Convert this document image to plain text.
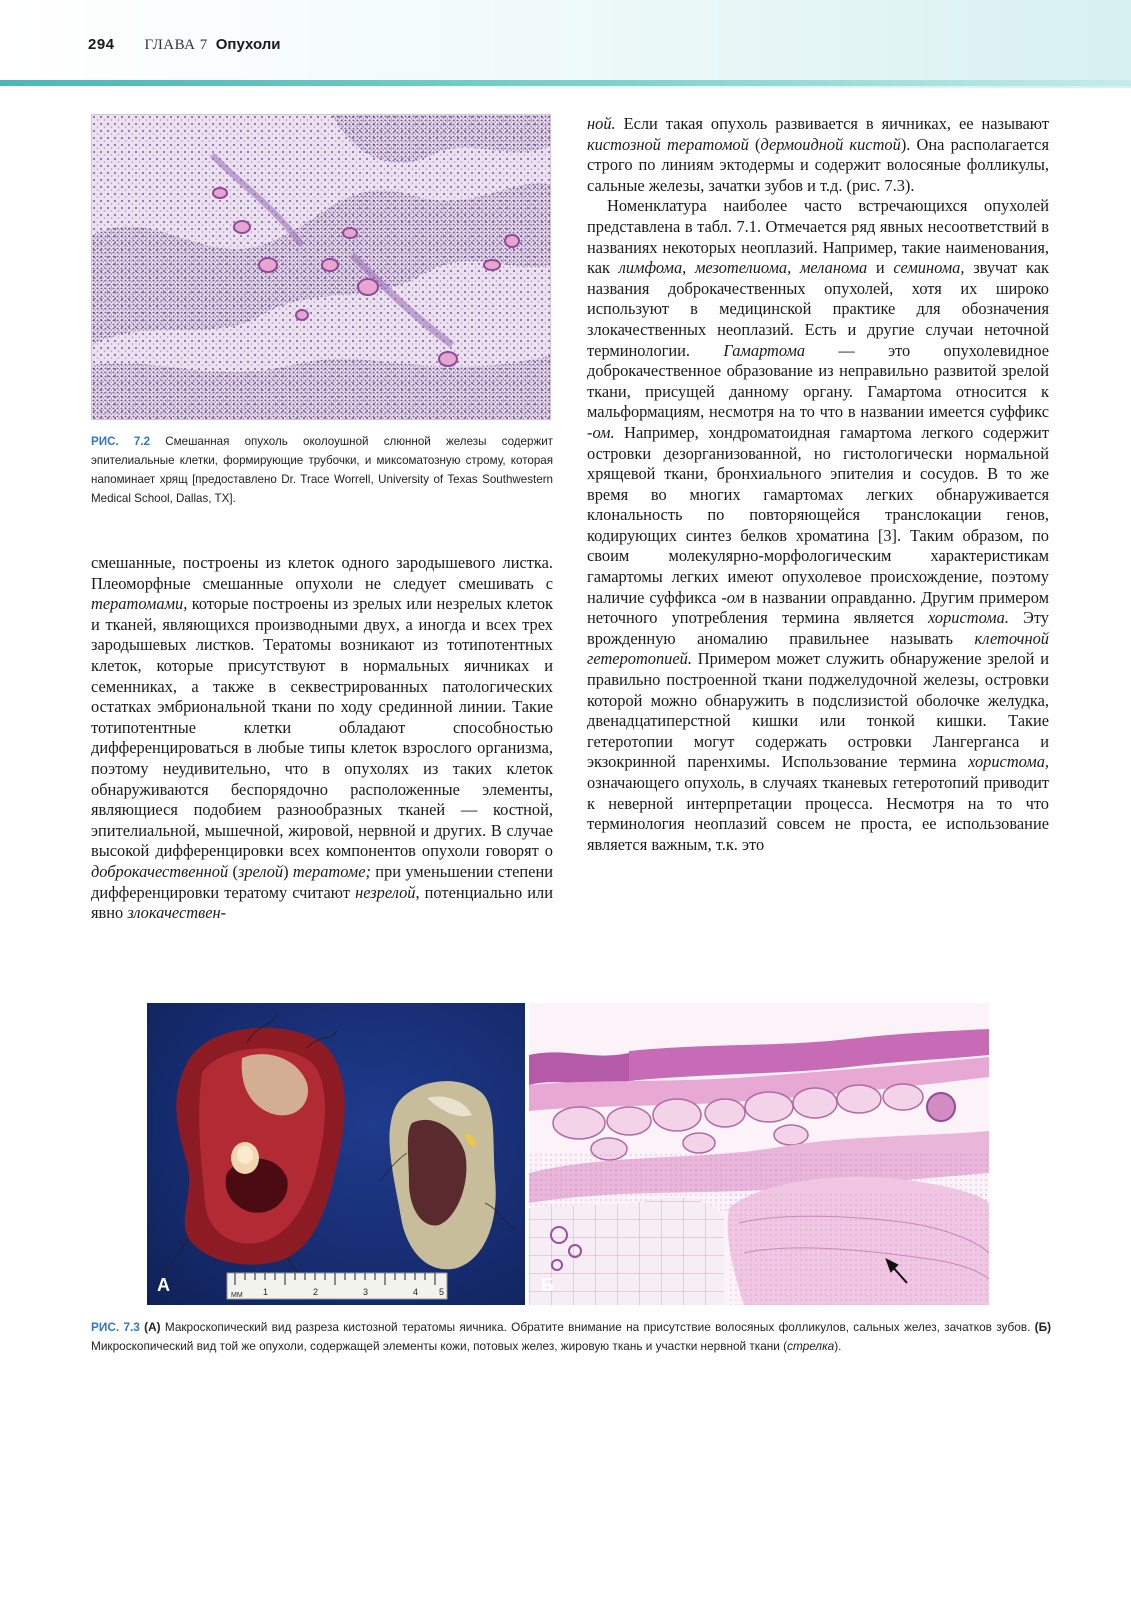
294 ГЛАВА 7 Опухоли
РИС. 7.2 Смешанная опухоль околоушной слюнной железы содержит эпителиальные клетки, формирующие трубочки, и миксоматозную строму, которая напоминает хрящ [предоставлено Dr. Trace Worrell, University of Texas Southwestern Medical School, Dallas, TX].

смешанные, построены из клеток одного зародышевого листка. Плеоморфные смешанные опухоли не следует смешивать с тератомами, которые построены из зрелых или незрелых клеток и тканей, являющихся производными двух, а иногда и всех трех зародышевых листков. Тератомы возникают из тотипотентных клеток, которые присутствуют в нормальных яичниках и семенниках, а также в секвестрированных патологических остатках эмбриональной ткани по ходу срединной линии. Такие тотипотентные клетки обладают способностью дифференцироваться в любые типы клеток взрослого организма, поэтому неудивительно, что в опухолях из таких клеток обнаруживаются беспорядочно расположенные элементы, являющиеся подобием разнообразных тканей — костной, эпителиальной, мышечной, жировой, нервной и других. В случае высокой дифференцировки всех компонентов опухоли говорят о доброкачественной (зрелой) тератоме; при уменьшении степени дифференцировки тератому считают незрелой, потенциально или явно злокачествен-

ной. Если такая опухоль развивается в яичниках, ее называют кистозной тератомой (дермоидной кистой). Она располагается строго по линиям эктодермы и содержит волосяные фолликулы, сальные железы, зачатки зубов и т.д. (рис. 7.3).

Номенклатура наиболее часто встречающихся опухолей представлена в табл. 7.1. Отмечается ряд явных несоответствий в названиях некоторых неоплазий. Например, такие наименования, как лимфома, мезотелиома, меланома и семинома, звучат как названия доброкачественных опухолей, хотя их широко используют в медицинской практике для обозначения злокачественных неоплазий. Есть и другие случаи неточной терминологии. Гамартома — это опухолевидное доброкачественное образование из неправильно развитой зрелой ткани, присущей данному органу. Гамартома относится к мальформациям, несмотря на то что в названии имеется суффикс -ом. Например, хондроматоидная гамартома легкого содержит островки дезорганизованной, но гистологически нормальной хрящевой ткани, бронхиального эпителия и сосудов. В то же время во многих гамартомах легких обнаруживается клональность по повторяющейся транслокации генов, кодирующих синтез белков хроматина [3]. Таким образом, по своим молекулярно-морфологическим характеристикам гамартомы легких имеют опухолевое происхождение, поэтому наличие суффикса -ом в названии оправданно. Другим примером неточного употребления термина является хористома. Эту врожденную аномалию правильнее называть клеточной гетеротопией. Примером может служить обнаружение зрелой и правильно построенной ткани поджелудочной железы, островки которой можно обнаружить в подслизистой оболочке желудка, двенадцатиперстной кишки или тонкой кишки. Такие гетеротопии могут содержать островки Лангерганса и экзокринной паренхимы. Использование термина хористома, означающего опухоль, в случаях тканевых гетеротопий приводит к неверной интерпретации процесса. Несмотря на то что терминология неоплазий совсем не проста, ее использование является важным, т.к. это

ММ 1	2	3	4 5
А	Б
РИС. 7.3 (А) Макроскопический вид разреза кистозной тератомы яичника. Обратите внимание на присутствие волосяных фолликулов, сальных желез, зачатков зубов. (Б) Микроскопический вид той же опухоли, содержащей элементы кожи, потовых желез, жировую ткань и участки нервной ткани (стрелка).
